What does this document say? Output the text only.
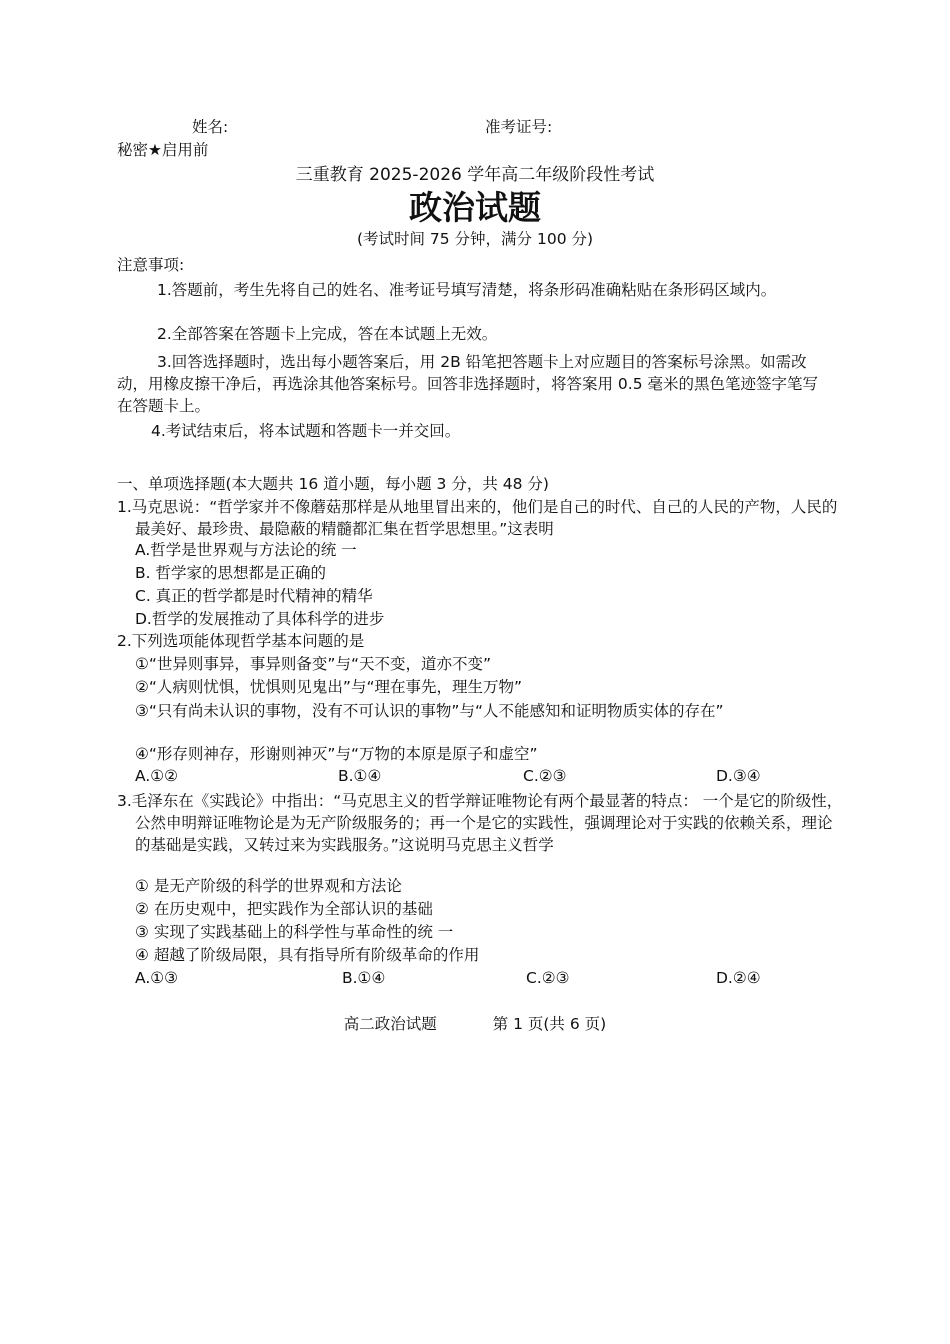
姓名:	准考证号:
秘密★启用前
三重教育 2025-2026 学年高二年级阶段性考试
政治试题
(考试时间 75 分钟，满分 100 分)
注意事项:
1.答题前，考生先将自己的姓名、准考证号填写清楚，将条形码准确粘贴在条形码区域内。
2.全部答案在答题卡上完成，答在本试题上无效。
3.回答选择题时，选出每小题答案后，用 2B 铅笔把答题卡上对应题目的答案标号涂黑。如需改动，用橡皮擦干净后，再选涂其他答案标号。回答非选择题时，将答案用 0.5 毫米的黑色笔迹签字笔写在答题卡上。
4.考试结束后，将本试题和答题卡一并交回。
一、单项选择题(本大题共 16 道小题，每小题 3 分，共 48 分)
1.马克思说：“哲学家并不像蘑菇那样是从地里冒出来的，他们是自己的时代、自己的人民的产物，人民的最美好、最珍贵、最隐蔽的精髓都汇集在哲学思想里。”这表明
A.哲学是世界观与方法论的统 一
B. 哲学家的思想都是正确的
C. 真正的哲学都是时代精神的精华
D.哲学的发展推动了具体科学的进步
2.下列选项能体现哲学基本问题的是
①“世异则事异，事异则备变”与“天不变，道亦不变”
②“人病则忧惧，忧惧则见鬼出”与“理在事先，理生万物”
③“只有尚未认识的事物，没有不可认识的事物”与“人不能感知和证明物质实体的存在”
④“形存则神存，形谢则神灭”与“万物的本原是原子和虚空”
A.①②	B.①④	C.②③	D.③④
3.毛泽东在《实践论》中指出：“马克思主义的哲学辩证唯物论有两个最显著的特点： 一个是它的阶级性，公然申明辩证唯物论是为无产阶级服务的；再一个是它的实践性，强调理论对于实践的依赖关系，理论的基础是实践，又转过来为实践服务。”这说明马克思主义哲学
① 是无产阶级的科学的世界观和方法论
② 在历史观中，把实践作为全部认识的基础
③ 实现了实践基础上的科学性与革命性的统 一
④ 超越了阶级局限，具有指导所有阶级革命的作用
A.①③	B.①④	C.②③	D.②④
高二政治试题	第 1 页(共 6 页)
